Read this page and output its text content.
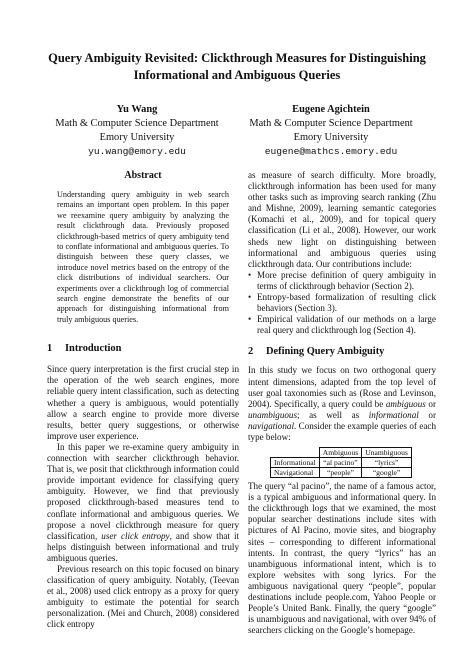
Query Ambiguity Revisited: Clickthrough Measures for Distinguishing
Informational and Ambiguous Queries
Yu Wang
Math & Computer Science Department
Emory University
yu.wang@emory.edu
Eugene Agichtein
Math & Computer Science Department
Emory University
eugene@mathcs.emory.edu
Abstract

Understanding query ambiguity in web search remains an important open problem. In this paper we reexamine query ambiguity by analyzing the result clickthrough data. Previously proposed clickthrough-based metrics of query ambiguity tend to conflate informational and ambiguous queries. To distinguish between these query classes, we introduce novel metrics based on the entropy of the click distributions of individual searchers. Our experiments over a clickthrough log of commercial search engine demonstrate the benefits of our approach for distinguishing informational from truly ambiguous queries.

1 Introduction

Since query interpretation is the first crucial step in the operation of the web search engines, more reliable query intent classification, such as detecting whether a query is ambiguous, would potentially allow a search engine to provide more diverse results, better query suggestions, or otherwise improve user experience.

In this paper we re-examine query ambiguity in connection with searcher clickthrough behavior. That is, we posit that clickthrough information could provide important evidence for classifying query ambiguity. However, we find that previously proposed clickthrough-based measures tend to conflate informational and ambiguous queries. We propose a novel clickthrough measure for query classification, user click entropy, and show that it helps distinguish between informational and truly ambiguous queries.

Previous research on this topic focused on binary classification of query ambiguity. Notably, (Teevan et al., 2008) used click entropy as a proxy for query ambiguity to estimate the potential for search personalization. (Mei and Church, 2008) considered click entropy

as measure of search difficulty. More broadly, clickthrough information has been used for many other tasks such as improving search ranking (Zhu and Mishne, 2009), learning semantic categories (Komachi et al., 2009), and for topical query classification (Li et al., 2008). However, our work sheds new light on distinguishing between informational and ambiguous queries using clickthrough data. Our contributions include:

• More precise definition of query ambiguity in terms of clickthrough behavior (Section 2).
• Entropy-based formalization of resulting click behaviors (Section 3).
• Empirical validation of our methods on a large real query and clickthrough log (Section 4).
2 Defining Query Ambiguity

In this study we focus on two orthogonal query intent dimensions, adapted from the top level of user goal taxonomies such as (Rose and Levinson, 2004). Specifically, a query could be ambiguous or unambiguous; as well as informational or navigational. Consider the example queries of each type below:

	Ambiguous	Unambiguous
Informational	“al pacino”	“lyrics”
Navigational	“people”	“google”

The query “al pacino”, the name of a famous actor, is a typical ambiguous and informational query. In the clickthrough logs that we examined, the most popular searcher destinations include sites with pictures of Al Pacino, movie sites, and biography sites – corresponding to different informational intents. In contrast, the query “lyrics” has an unambiguous informational intent, which is to explore websites with song lyrics. For the ambiguous navigational query “people”, popular destinations include people.com, Yahoo People or People’s United Bank. Finally, the query “google” is unambiguous and navigational, with over 94% of searchers clicking on the Google’s homepage.
